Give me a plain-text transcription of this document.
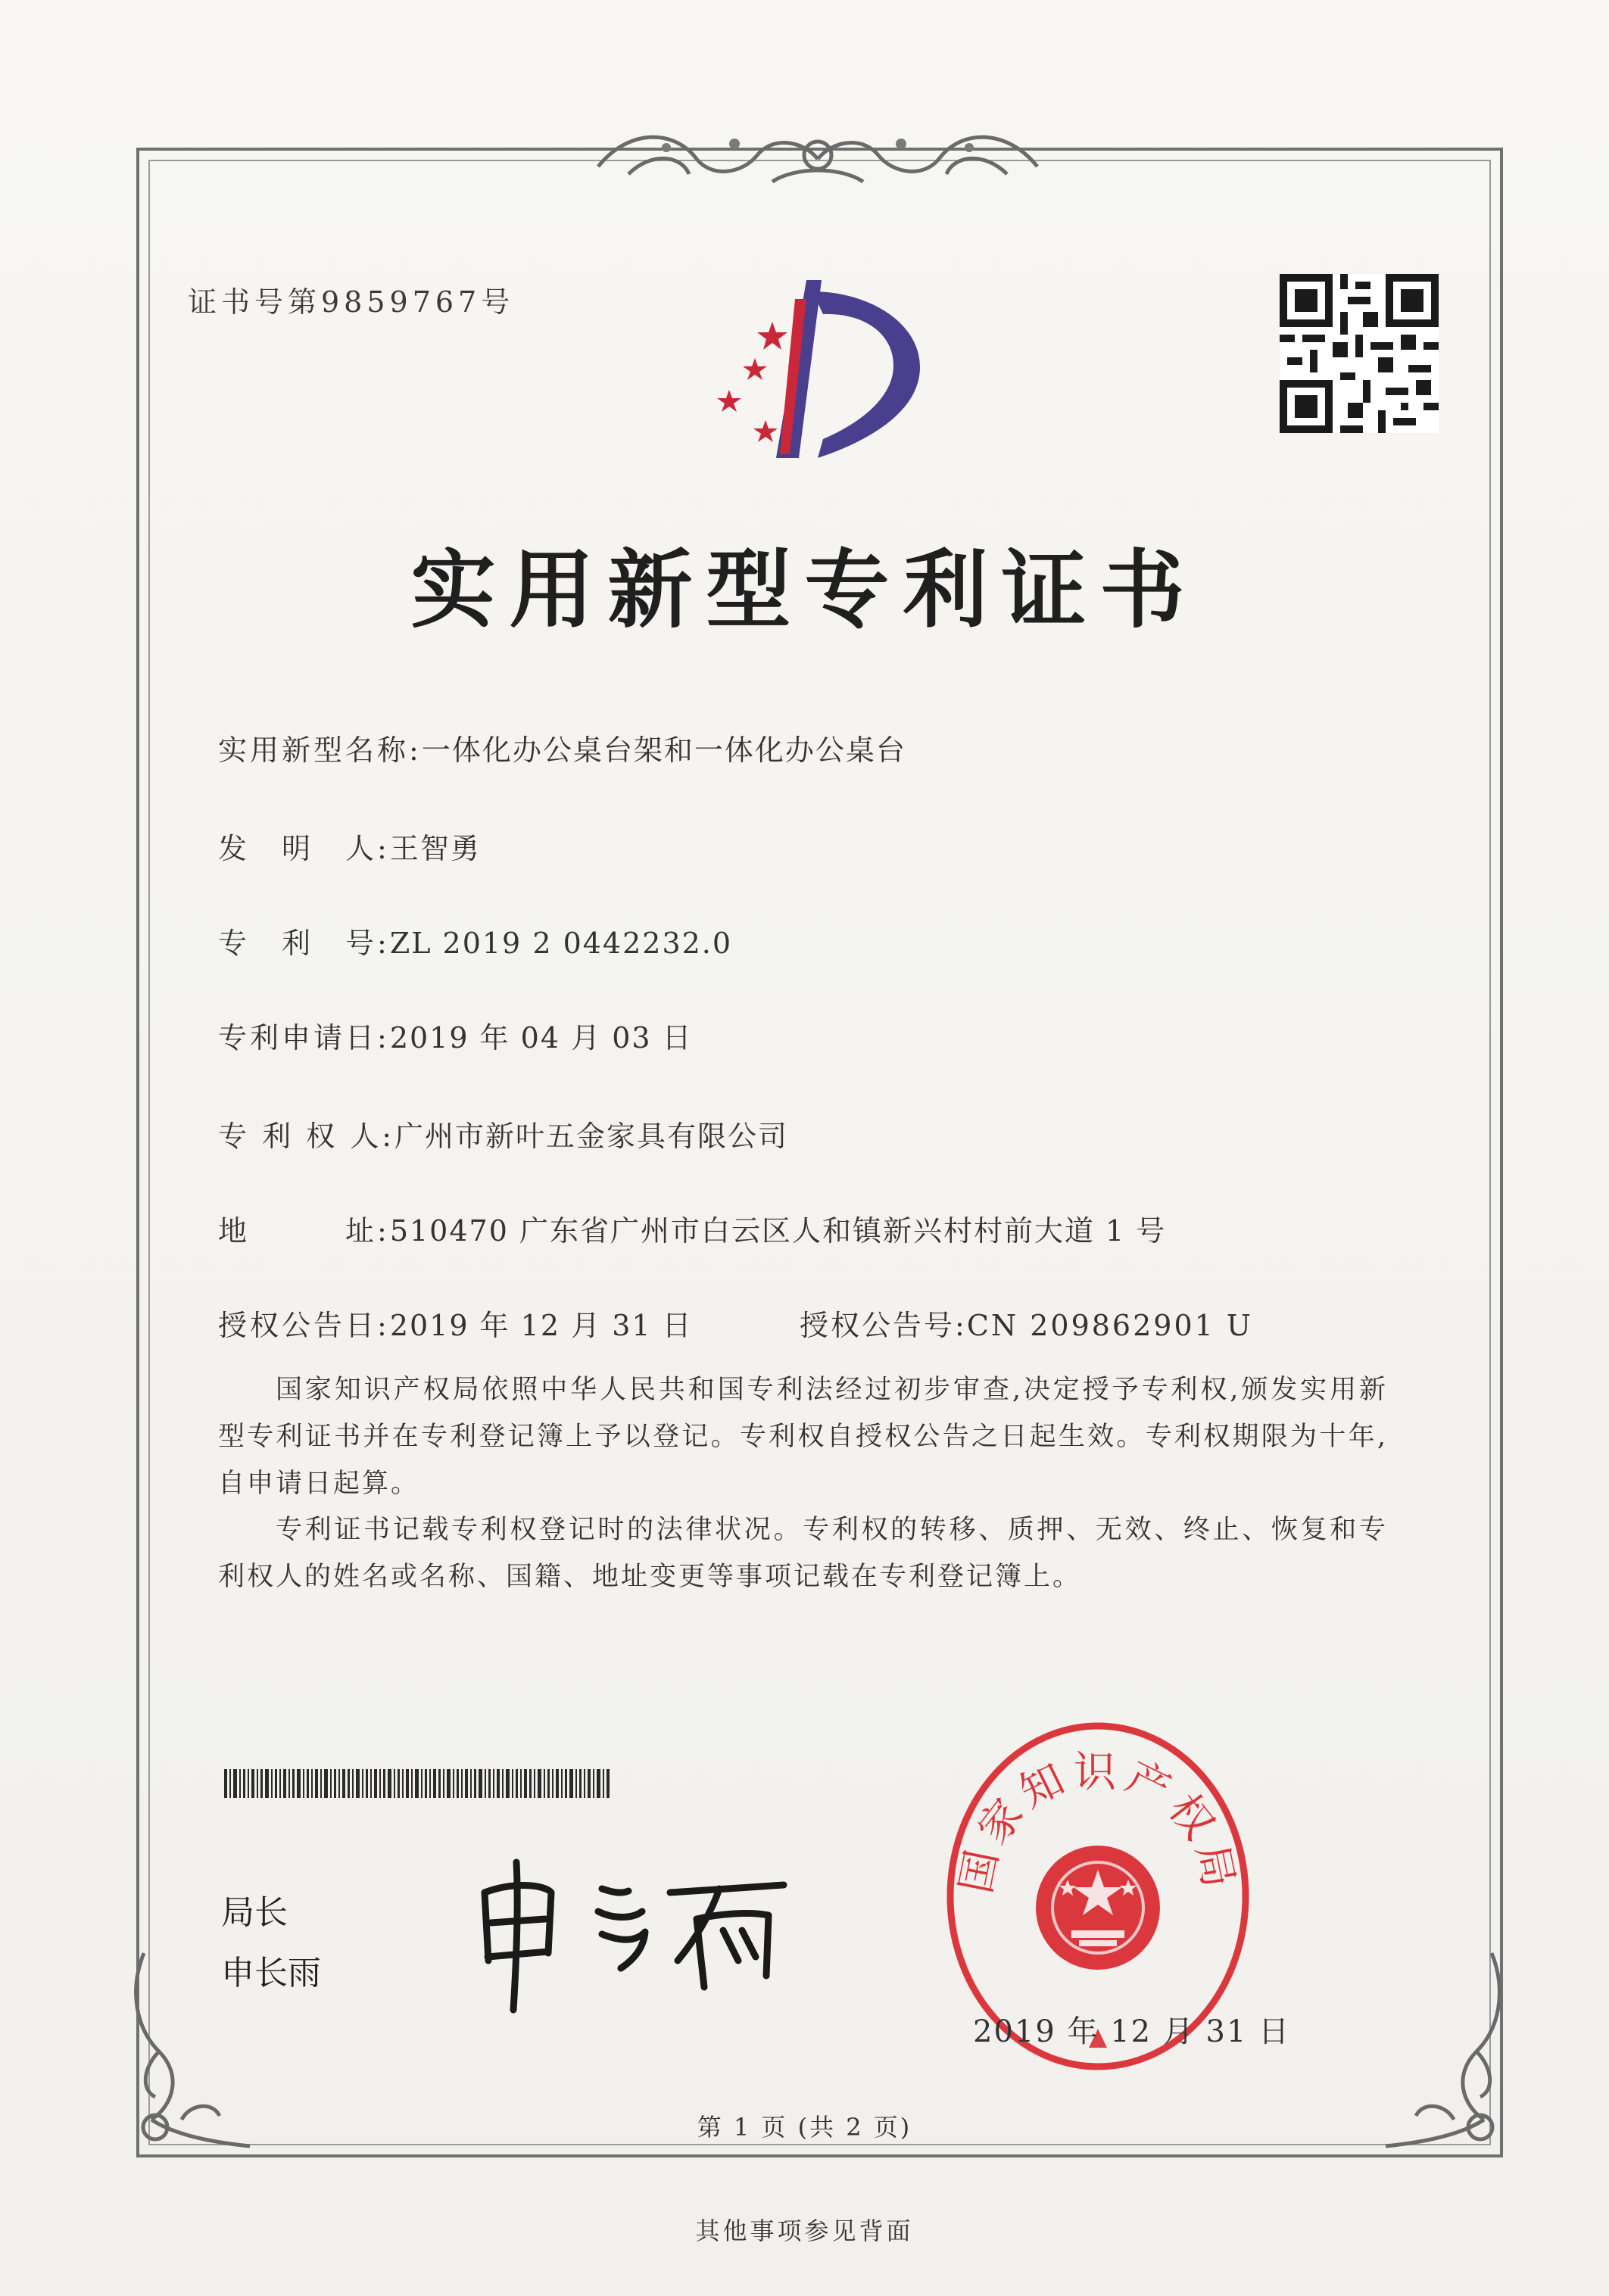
证书号第9859767号
实用新型专利证书
实用新型名称:一体化办公桌台架和一体化办公桌台
发　明　人:王智勇
专　利　号:ZL 2019 2 0442232.0
专利申请日:2019 年 04 月 03 日
专 利 权 人:广州市新叶五金家具有限公司
地　　　址:510470 广东省广州市白云区人和镇新兴村村前大道 1 号
授权公告日:2019 年 12 月 31 日	授权公告号:CN 209862901 U
国家知识产权局依照中华人民共和国专利法经过初步审查,决定授予专利权,颁发实用新型专利证书并在专利登记簿上予以登记。专利权自授权公告之日起生效。专利权期限为十年,自申请日起算。
专利证书记载专利权登记时的法律状况。专利权的转移、质押、无效、终止、恢复和专利权人的姓名或名称、国籍、地址变更等事项记载在专利登记簿上。
局长
申长雨
国家知识产权局
2019 年 12 月 31 日
第 1 页 (共 2 页)
其他事项参见背面
